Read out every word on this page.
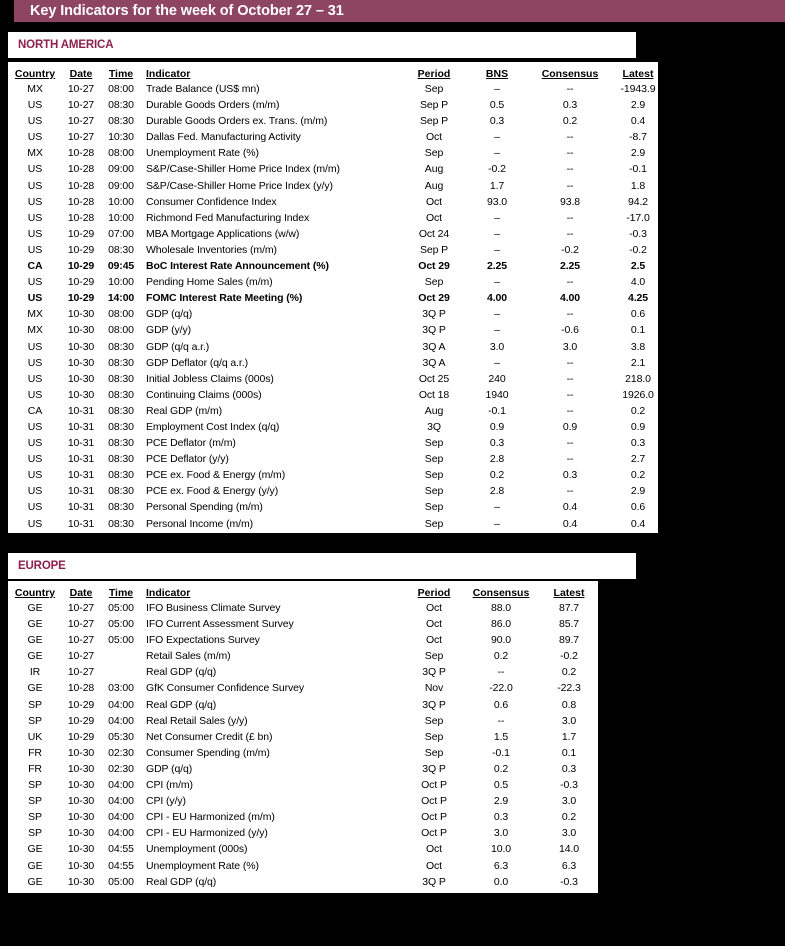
Key Indicators for the week of October 27 – 31
NORTH AMERICA
Country	Date	Time	Indicator	Period	BNS	Consensus	Latest
MX	10-27	08:00	Trade Balance (US$ mn)	Sep	–	--	-1943.9
US	10-27	08:30	Durable Goods Orders (m/m)	Sep P	0.5	0.3	2.9
US	10-27	08:30	Durable Goods Orders ex. Trans. (m/m)	Sep P	0.3	0.2	0.4
US	10-27	10:30	Dallas Fed. Manufacturing Activity	Oct	–	--	-8.7
MX	10-28	08:00	Unemployment Rate (%)	Sep	–	--	2.9
US	10-28	09:00	S&P/Case-Shiller Home Price Index (m/m)	Aug	-0.2	--	-0.1
US	10-28	09:00	S&P/Case-Shiller Home Price Index (y/y)	Aug	1.7	--	1.8
US	10-28	10:00	Consumer Confidence Index	Oct	93.0	93.8	94.2
US	10-28	10:00	Richmond Fed Manufacturing Index	Oct	–	--	-17.0
US	10-29	07:00	MBA Mortgage Applications (w/w)	Oct 24	–	--	-0.3
US	10-29	08:30	Wholesale Inventories (m/m)	Sep P	–	-0.2	-0.2
CA	10-29	09:45	BoC Interest Rate Announcement (%)	Oct 29	2.25	2.25	2.5
US	10-29	10:00	Pending Home Sales (m/m)	Sep	–	--	4.0
US	10-29	14:00	FOMC Interest Rate Meeting (%)	Oct 29	4.00	4.00	4.25
MX	10-30	08:00	GDP (q/q)	3Q P	–	--	0.6
MX	10-30	08:00	GDP (y/y)	3Q P	–	-0.6	0.1
US	10-30	08:30	GDP (q/q a.r.)	3Q A	3.0	3.0	3.8
US	10-30	08:30	GDP Deflator (q/q a.r.)	3Q A	–	--	2.1
US	10-30	08:30	Initial Jobless Claims (000s)	Oct 25	240	--	218.0
US	10-30	08:30	Continuing Claims (000s)	Oct 18	1940	--	1926.0
CA	10-31	08:30	Real GDP (m/m)	Aug	-0.1	--	0.2
US	10-31	08:30	Employment Cost Index (q/q)	3Q	0.9	0.9	0.9
US	10-31	08:30	PCE Deflator (m/m)	Sep	0.3	--	0.3
US	10-31	08:30	PCE Deflator (y/y)	Sep	2.8	--	2.7
US	10-31	08:30	PCE ex. Food & Energy (m/m)	Sep	0.2	0.3	0.2
US	10-31	08:30	PCE ex. Food & Energy (y/y)	Sep	2.8	--	2.9
US	10-31	08:30	Personal Spending (m/m)	Sep	–	0.4	0.6
US	10-31	08:30	Personal Income (m/m)	Sep	–	0.4	0.4
US	10-31	09:45	Chicago PMI	Oct	–	42.0	40.6
EUROPE
Country	Date	Time	Indicator	Period	Consensus	Latest
GE	10-27	05:00	IFO Business Climate Survey	Oct	88.0	87.7
GE	10-27	05:00	IFO Current Assessment Survey	Oct	86.0	85.7
GE	10-27	05:00	IFO Expectations Survey	Oct	90.0	89.7
GE	10-27		Retail Sales (m/m)	Sep	0.2	-0.2
IR	10-27		Real GDP (q/q)	3Q P	--	0.2
GE	10-28	03:00	GfK Consumer Confidence Survey	Nov	-22.0	-22.3
SP	10-29	04:00	Real GDP (q/q)	3Q P	0.6	0.8
SP	10-29	04:00	Real Retail Sales (y/y)	Sep	--	3.0
UK	10-29	05:30	Net Consumer Credit (£ bn)	Sep	1.5	1.7
FR	10-30	02:30	Consumer Spending (m/m)	Sep	-0.1	0.1
FR	10-30	02:30	GDP (q/q)	3Q P	0.2	0.3
SP	10-30	04:00	CPI (m/m)	Oct P	0.5	-0.3
SP	10-30	04:00	CPI (y/y)	Oct P	2.9	3.0
SP	10-30	04:00	CPI - EU Harmonized (m/m)	Oct P	0.3	0.2
SP	10-30	04:00	CPI - EU Harmonized (y/y)	Oct P	3.0	3.0
GE	10-30	04:55	Unemployment (000s)	Oct	10.0	14.0
GE	10-30	04:55	Unemployment Rate (%)	Oct	6.3	6.3
GE	10-30	05:00	Real GDP (q/q)	3Q P	0.0	-0.3
IT	10-30	05:00	Real GDP (q/q)	3Q P	0.1	-0.1
